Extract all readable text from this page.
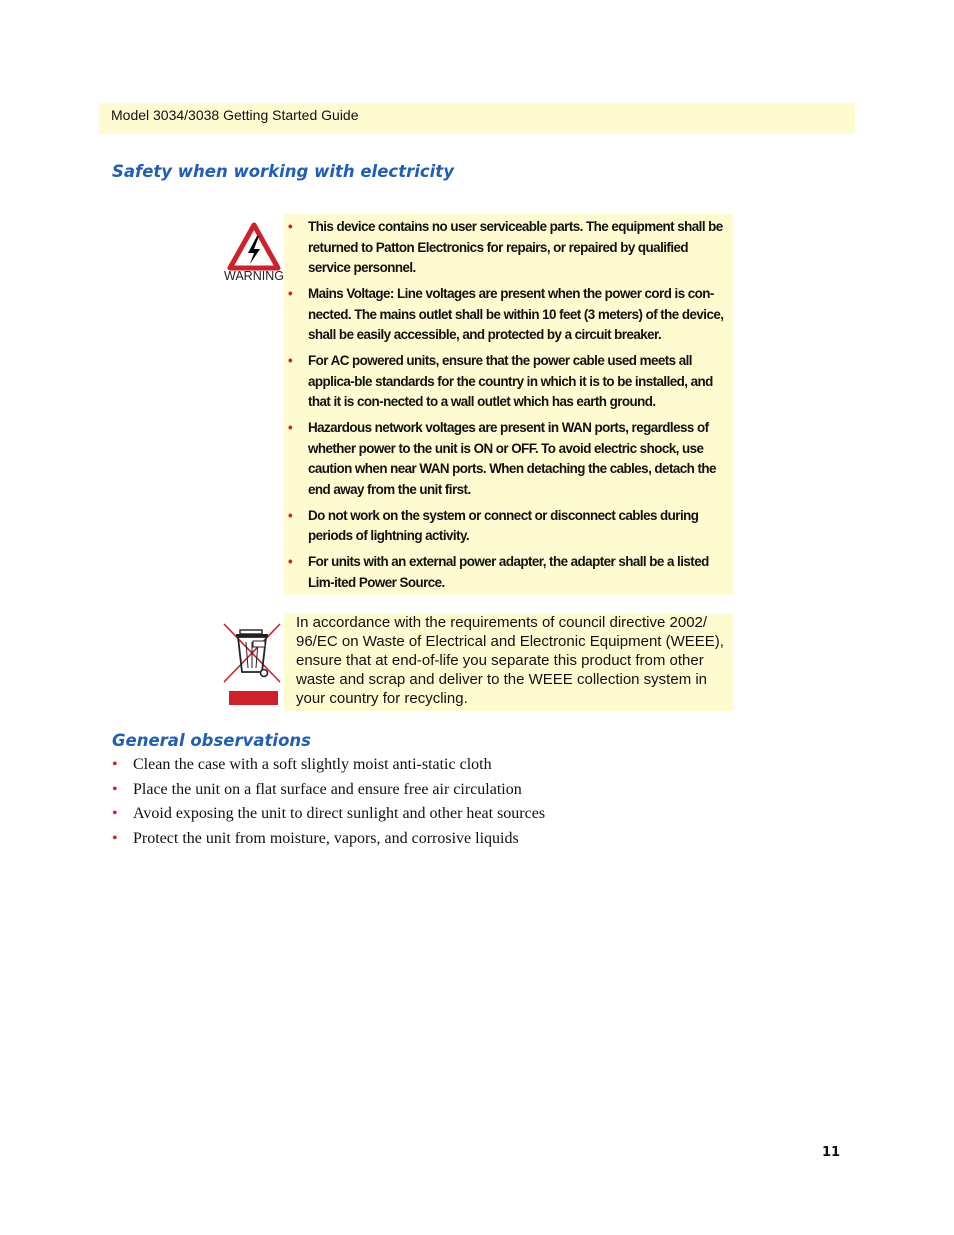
Model 3034/3038 Getting Started Guide
Safety when working with electricity
WARNING
• This device contains no user serviceable parts. The equipment shall be returned to Patton Electronics for repairs, or repaired by qualified service personnel.
• Mains Voltage: Line voltages are present when the power cord is con-nected. The mains outlet shall be within 10 feet (3 meters) of the device, shall be easily accessible, and protected by a circuit breaker.
• For AC powered units, ensure that the power cable used meets all applica-ble standards for the country in which it is to be installed, and that it is con-nected to a wall outlet which has earth ground.
• Hazardous network voltages are present in WAN ports, regardless of whether power to the unit is ON or OFF. To avoid electric shock, use caution when near WAN ports. When detaching the cables, detach the end away from the unit first.
• Do not work on the system or connect or disconnect cables during periods of lightning activity.
• For units with an external power adapter, the adapter shall be a listed Lim-ited Power Source.

In accordance with the requirements of council directive 2002/ 96/EC on Waste of Electrical and Electronic Equipment (WEEE), ensure that at end-of-life you separate this product from other waste and scrap and deliver to the WEEE collection system in your country for recycling.

General observations
• Clean the case with a soft slightly moist anti-static cloth
• Place the unit on a flat surface and ensure free air circulation
• Avoid exposing the unit to direct sunlight and other heat sources
• Protect the unit from moisture, vapors, and corrosive liquids
11
